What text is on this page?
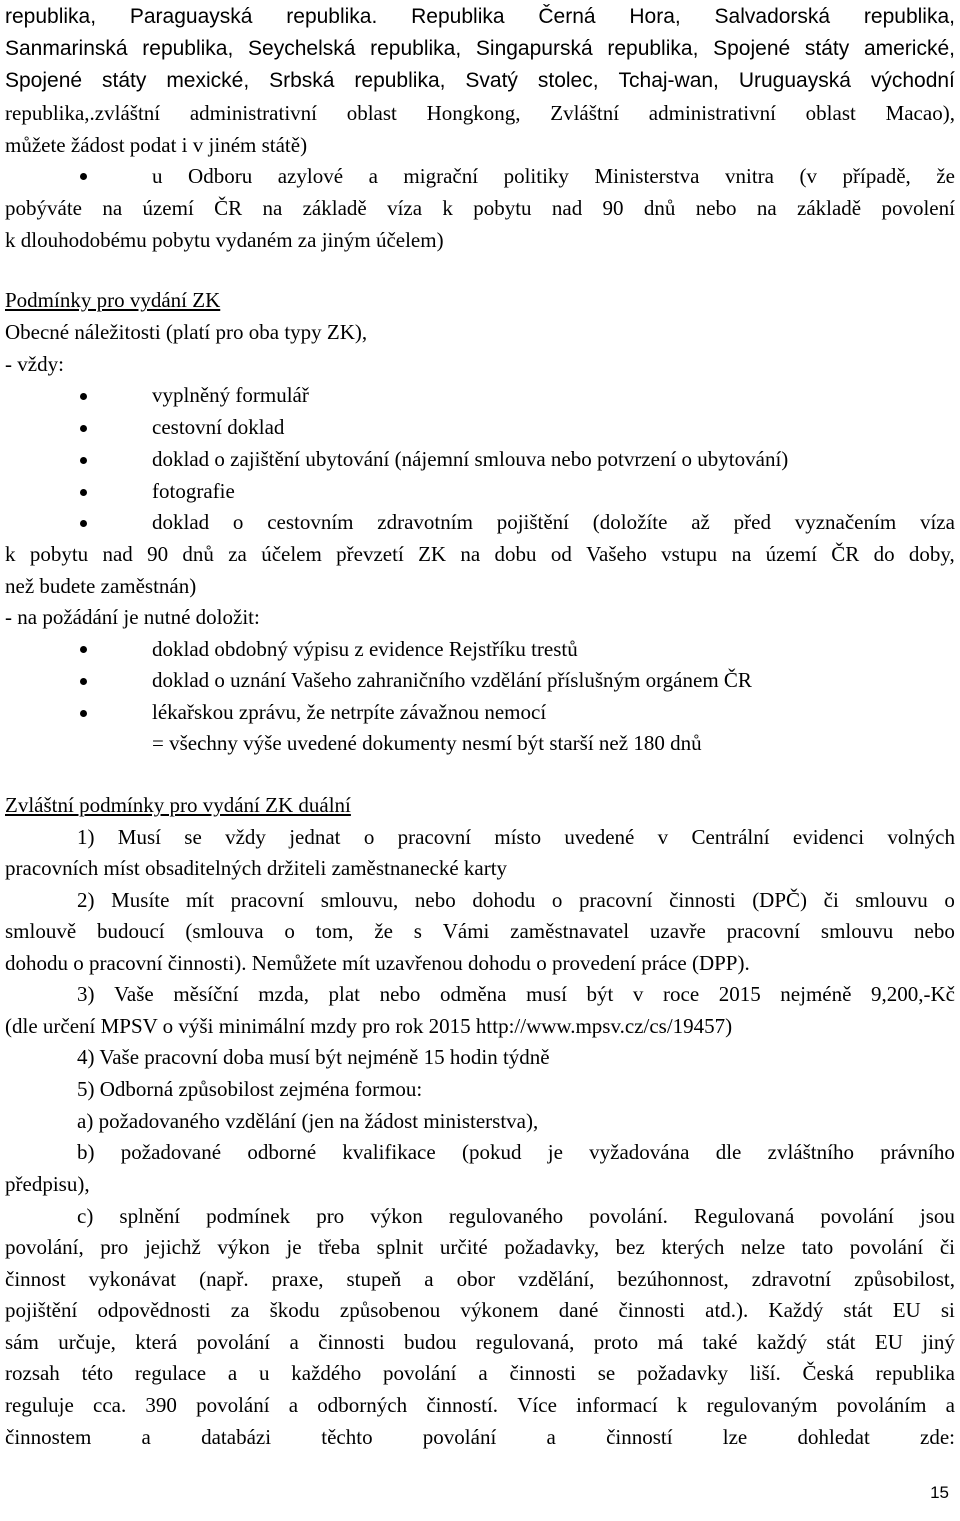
republika, Paraguayská republika. Republika Černá Hora, Salvadorská republika,
Sanmarinská republika, Seychelská republika, Singapurská republika, Spojené státy americké,
Spojené státy mexické, Srbská republika, Svatý stolec, Tchaj-wan, Uruguayská východní
republika,.zvláštní administrativní oblast Hongkong, Zvláštní administrativní oblast Macao),
můžete žádost podat i v jiném státě)
u Odboru azylové a migrační politiky Ministerstva vnitra (v případě, že
pobýváte na území ČR na základě víza k pobytu nad 90 dnů nebo na základě povolení
k dlouhodobému pobytu vydaném za jiným účelem)
Podmínky pro vydání ZK
Obecné náležitosti (platí pro oba typy ZK),
- vždy:
vyplněný formulář
cestovní doklad
doklad o zajištění ubytování (nájemní smlouva nebo potvrzení o ubytování)
fotografie
doklad o cestovním zdravotním pojištění (doložíte až před vyznačením víza
k pobytu nad 90 dnů za účelem převzetí ZK na dobu od Vašeho vstupu na území ČR do doby,
než budete zaměstnán)
- na požádání je nutné doložit:
doklad obdobný výpisu z evidence Rejstříku trestů
doklad o uznání Vašeho zahraničního vzdělání příslušným orgánem ČR
lékařskou zprávu, že netrpíte závažnou nemocí
= všechny výše uvedené dokumenty nesmí být starší než 180 dnů
Zvláštní podmínky pro vydání ZK duální
1) Musí se vždy jednat o pracovní místo uvedené v Centrální evidenci volných
pracovních míst obsaditelných držiteli zaměstnanecké karty
2) Musíte mít pracovní smlouvu, nebo dohodu o pracovní činnosti (DPČ) či smlouvu o
smlouvě budoucí (smlouva o tom, že s Vámi zaměstnavatel uzavře pracovní smlouvu nebo
dohodu o pracovní činnosti). Nemůžete mít uzavřenou dohodu o provedení práce (DPP).
3) Vaše měsíční mzda, plat nebo odměna musí být v roce 2015 nejméně 9,200,-Kč
(dle určení MPSV o výši minimální mzdy pro rok 2015 http://www.mpsv.cz/cs/19457)
4) Vaše pracovní doba musí být nejméně 15 hodin týdně
5) Odborná způsobilost zejména formou:
a) požadovaného vzdělání (jen na žádost ministerstva),
b) požadované odborné kvalifikace (pokud je vyžadována dle zvláštního právního
předpisu),
c) splnění podmínek pro výkon regulovaného povolání. Regulovaná povolání jsou
povolání, pro jejichž výkon je třeba splnit určité požadavky, bez kterých nelze tato povolání či
činnost vykonávat (např. praxe, stupeň a obor vzdělání, bezúhonnost, zdravotní způsobilost,
pojištění odpovědnosti za škodu způsobenou výkonem dané činnosti atd.). Každý stát EU si
sám určuje, která povolání a činnosti budou regulovaná, proto má také každý stát EU jiný
rozsah této regulace a u každého povolání a činnosti se požadavky liší. Česká republika
reguluje cca. 390 povolání a odborných činností. Více informací k regulovaným povoláním a
činnostem a databázi těchto povolání a činností lze dohledat zde:
15
